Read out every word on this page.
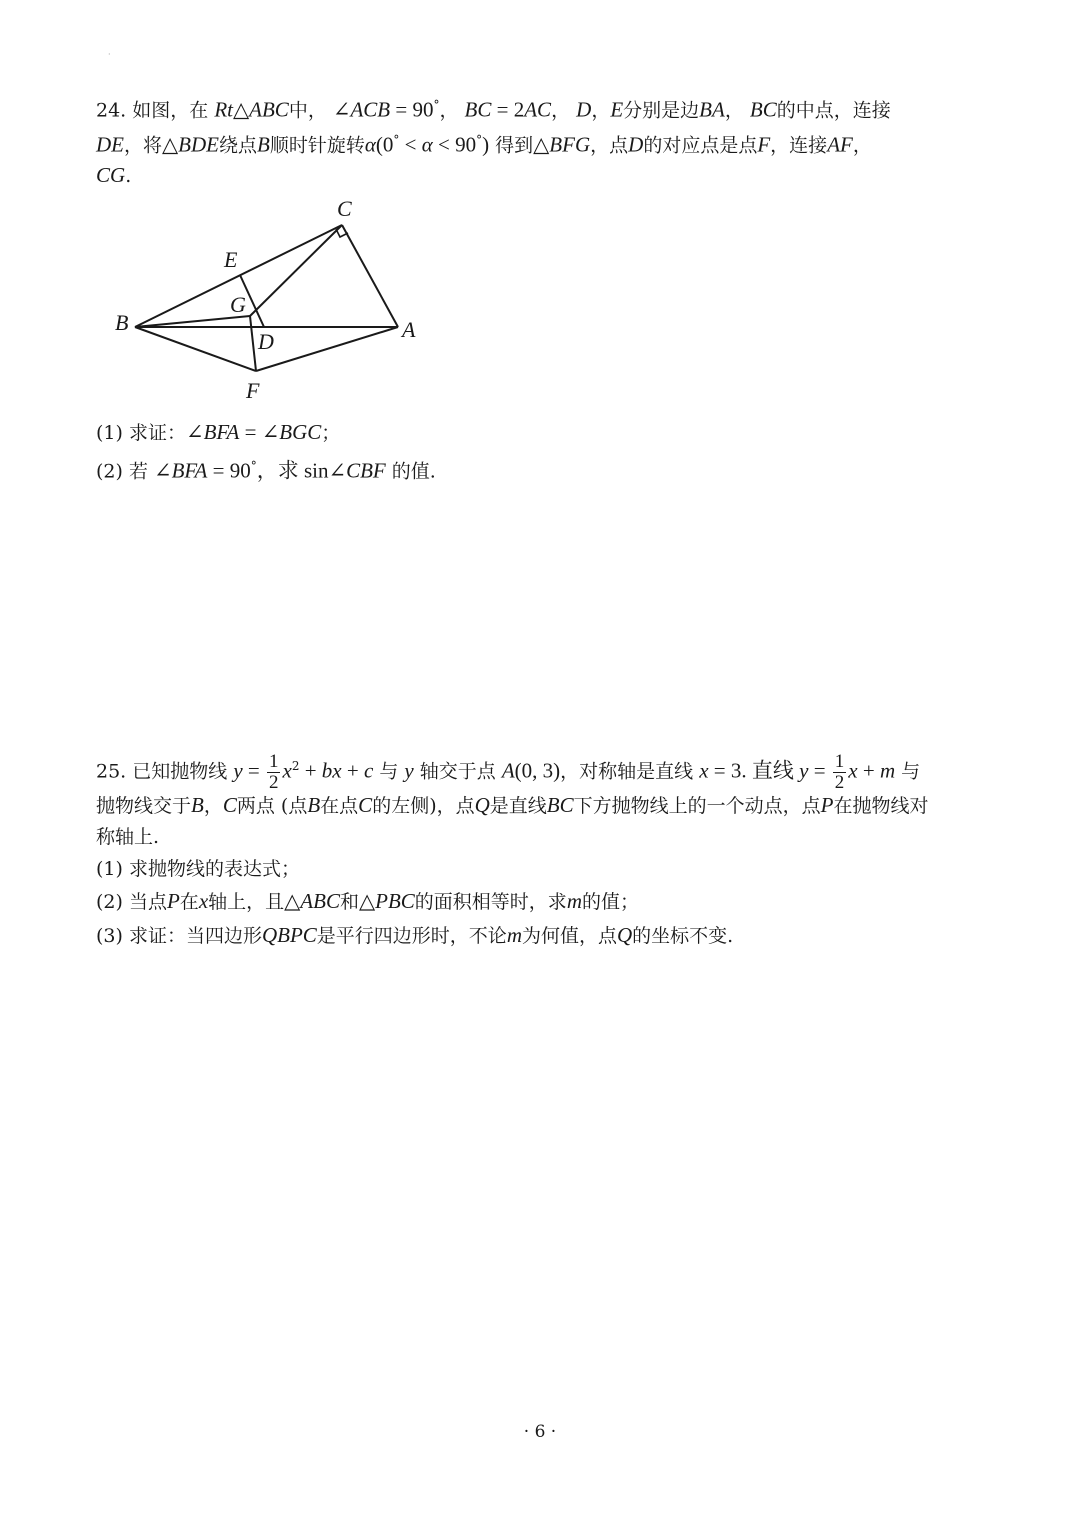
·
24. 如图，在 Rt△ABC中， ∠ACB = 90°， BC = 2AC， D，E分别是边BA， BC的中点，连接
DE，将△BDE绕点B顺时针旋转α(0° < α < 90°) 得到△BFG，点D的对应点是点F，连接AF，
CG.
C
E
G
B
D	A
F
(1) 求证：∠BFA = ∠BGC；
(2) 若 ∠BFA = 90°，求 sin∠CBF 的值.
25. 已知抛物线 $y = \frac{1}{2} x^2$ + bx + c 与 y 轴交于点 A(0, 3)，对称轴是直线 x = 3. 直线 $y = \frac{1}{2}$ x + m 与
抛物线交于B，C两点 (点B在点C的左侧)，点Q是直线BC下方抛物线上的一个动点，点P在抛物线对
称轴上.
(1) 求抛物线的表达式；
(2) 当点P在x轴上，且△ABC和△PBC的面积相等时，求m的值；
(3) 求证：当四边形QBPC是平行四边形时，不论m为何值，点Q的坐标不变.
· 6 ·
